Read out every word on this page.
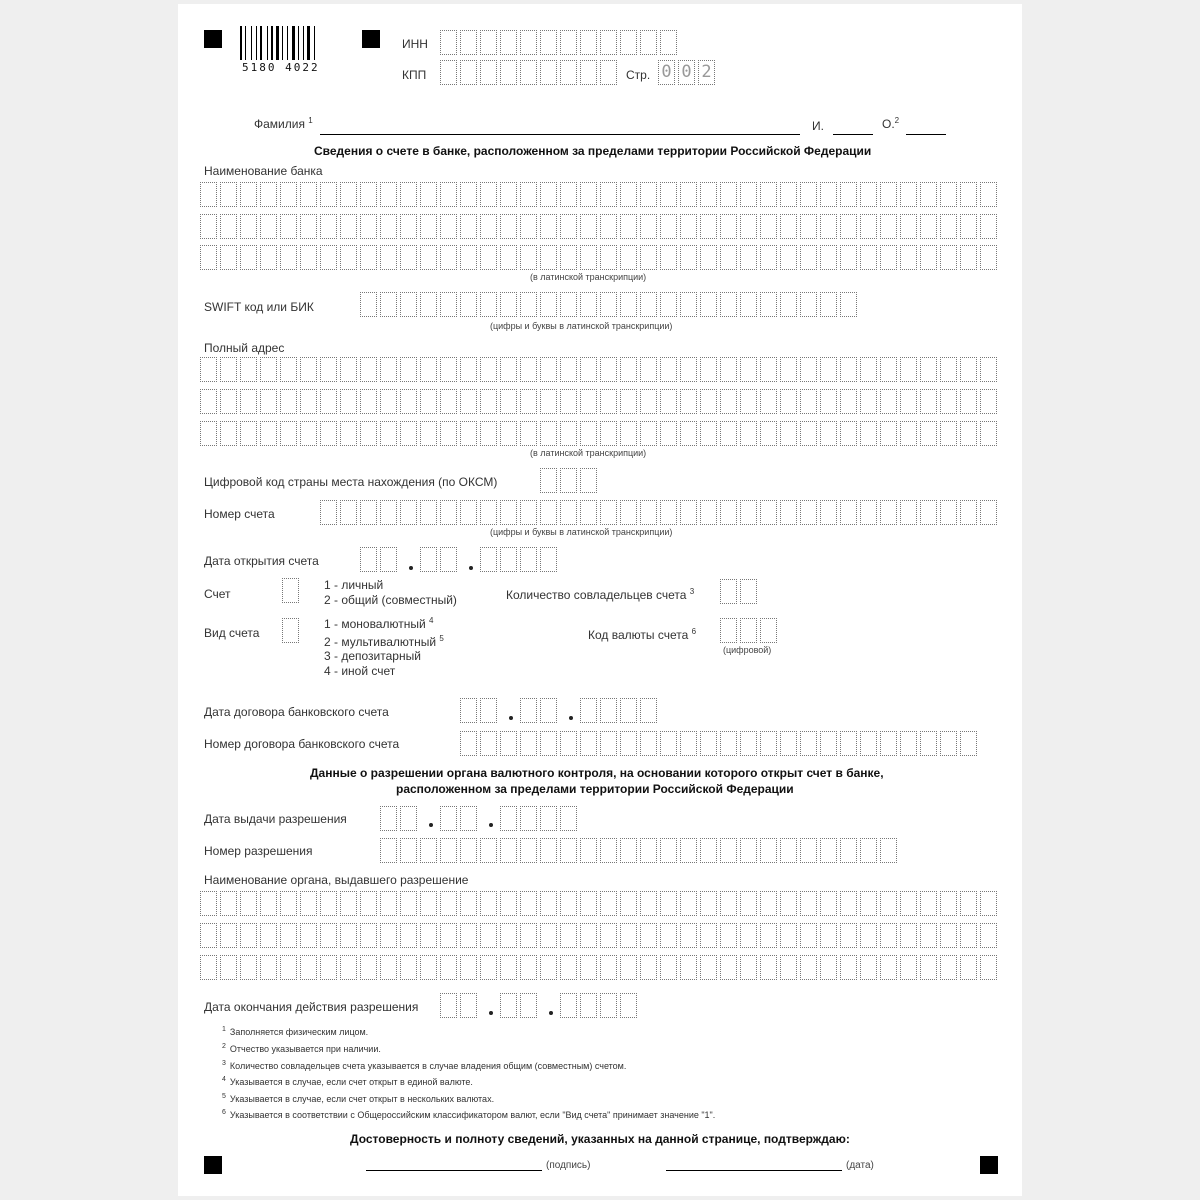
5180 4022
ИНН
КПП	Стр. 0 0 2
Фамилия $^1$	И.	О.$^2$
Сведения о счете в банке, расположенном за пределами территории Российской Федерации
Наименование банка
(в латинской транскрипции)
SWIFT код или БИК
(цифры и буквы в латинской транскрипции)
Полный адрес
(в латинской транскрипции)
Цифровой код страны места нахождения (по ОКСМ)
Номер счета
(цифры и буквы в латинской транскрипции)
Дата открытия счета
Счет
1 - личный
2 - общий (совместный)	Количество совладельцев счета $^3$
Вид счета
1 - моновалютный $^4$
2 - мультивалютный $^5$
3 - депозитарный
4 - иной счет
Код валюты счета $^6$
(цифровой)
Дата договора банковского счета
Номер договора банковского счета
Данные о разрешении органа валютного контроля, на основании которого открыт счет в банке,
расположенном за пределами территории Российской Федерации
Дата выдачи разрешения
Номер разрешения
Наименование органа, выдавшего разрешение
Дата окончания действия разрешения
$^1$ Заполняется физическим лицом.
$^2$ Отчество указывается при наличии.
$^3$ Количество совладельцев счета указывается в случае владения общим (совместным) счетом.
$^4$ Указывается в случае, если счет открыт в единой валюте.
$^5$ Указывается в случае, если счет открыт в нескольких валютах.
$^6$ Указывается в соответствии с Общероссийским классификатором валют, если "Вид счета" принимает значение "1".
Достоверность и полноту сведений, указанных на данной странице, подтверждаю:
(подпись)	(дата)
